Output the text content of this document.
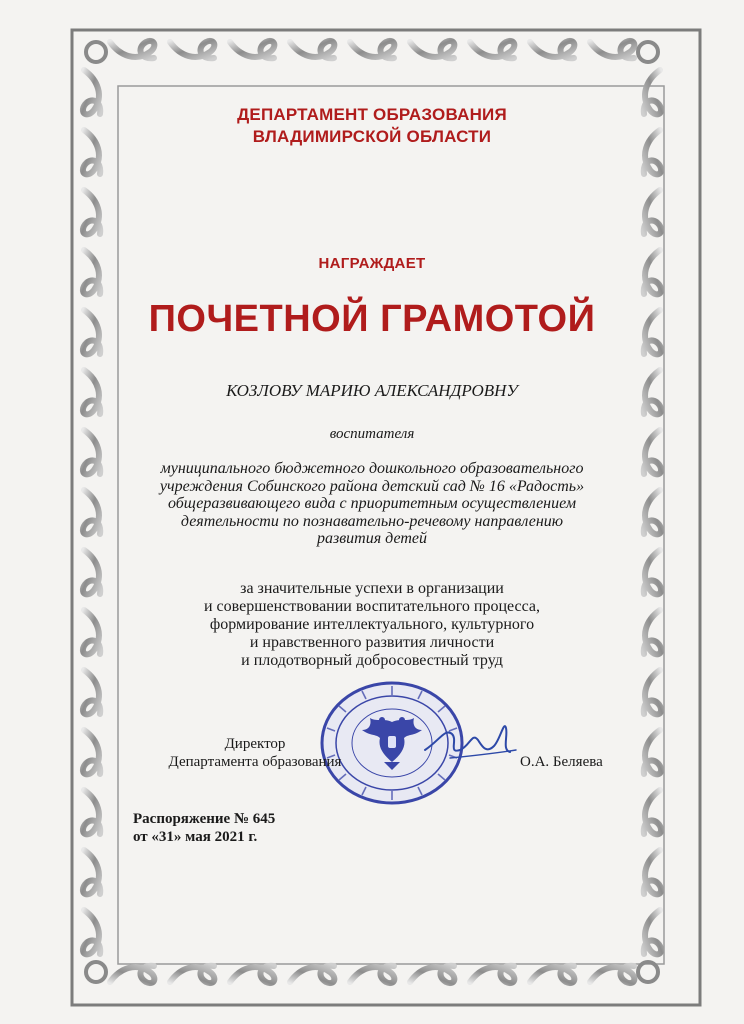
ДЕПАРТАМЕНТ ОБРАЗОВАНИЯ
ВЛАДИМИРСКОЙ ОБЛАСТИ
НАГРАЖДАЕТ
ПОЧЕТНОЙ ГРАМОТОЙ
КОЗЛОВУ МАРИЮ АЛЕКСАНДРОВНУ
воспитателя
муниципального бюджетного дошкольного образовательного
учреждения Собинского района детский сад № 16 «Радость»
общеразвивающего вида с приоритетным осуществлением
деятельности по познавательно-речевому направлению
развития детей
за значительные успехи в организации
и совершенствовании воспитательного процесса,
формирование интеллектуального, культурного
и нравственного развития личности
и плодотворный добросовестный труд
Директор
Департамента образования	О.А. Беляева
Распоряжение № 645
от «31» мая 2021 г.
